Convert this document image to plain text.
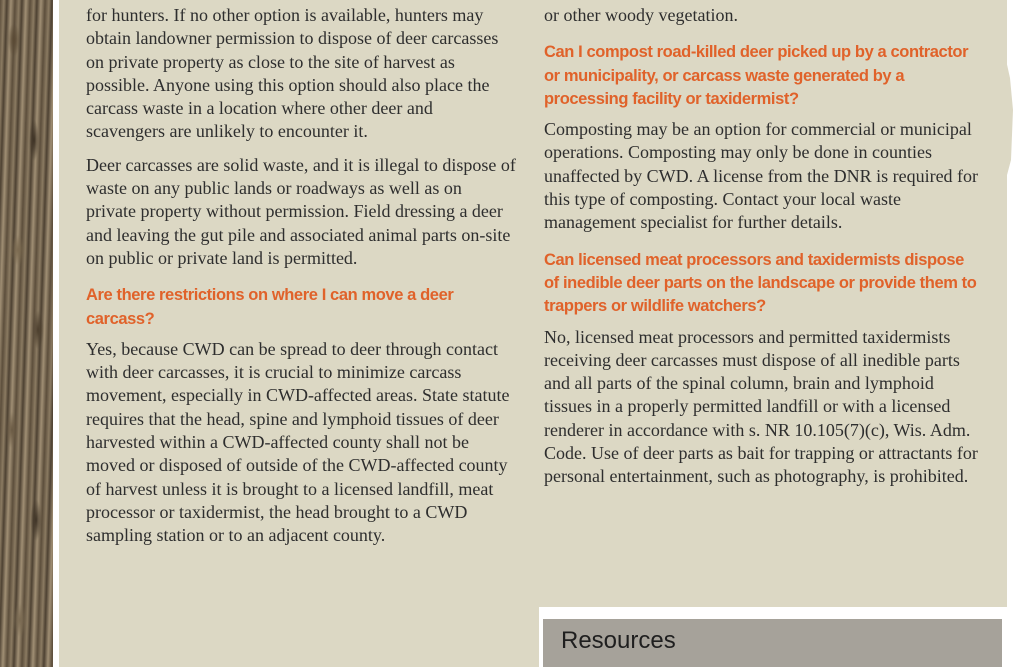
for hunters. If no other option is available, hunters may obtain landowner permission to dispose of deer carcasses on private property as close to the site of harvest as possible. Anyone using this option should also place the carcass waste in a location where other deer and scavengers are unlikely to encounter it.

Deer carcasses are solid waste, and it is illegal to dispose of waste on any public lands or roadways as well as on private property without permission. Field dressing a deer and leaving the gut pile and associated animal parts on-site on public or private land is permitted.

Are there restrictions on where I can move a deer carcass?

Yes, because CWD can be spread to deer through contact with deer carcasses, it is crucial to minimize carcass movement, especially in CWD-affected areas. State statute requires that the head, spine and lymphoid tissues of deer harvested within a CWD-affected county shall not be moved or disposed of outside of the CWD-affected county of harvest unless it is brought to a licensed landfill, meat processor or taxidermist, the head brought to a CWD sampling station or to an adjacent county.

or other woody vegetation.

Can I compost road-killed deer picked up by a contractor or municipality, or carcass waste generated by a processing facility or taxidermist?

Composting may be an option for commercial or municipal operations. Composting may only be done in counties unaffected by CWD. A license from the DNR is required for this type of composting. Contact your local waste management specialist for further details.

Can licensed meat processors and taxidermists dispose of inedible deer parts on the landscape or provide them to trappers or wildlife watchers?

No, licensed meat processors and permitted taxidermists receiving deer carcasses must dispose of all inedible parts and all parts of the spinal column, brain and lymphoid tissues in a properly permitted landfill or with a licensed renderer in accordance with s. NR 10.105(7)(c), Wis. Adm. Code. Use of deer parts as bait for trapping or attractants for personal entertainment, such as photography, is prohibited.

Resources
